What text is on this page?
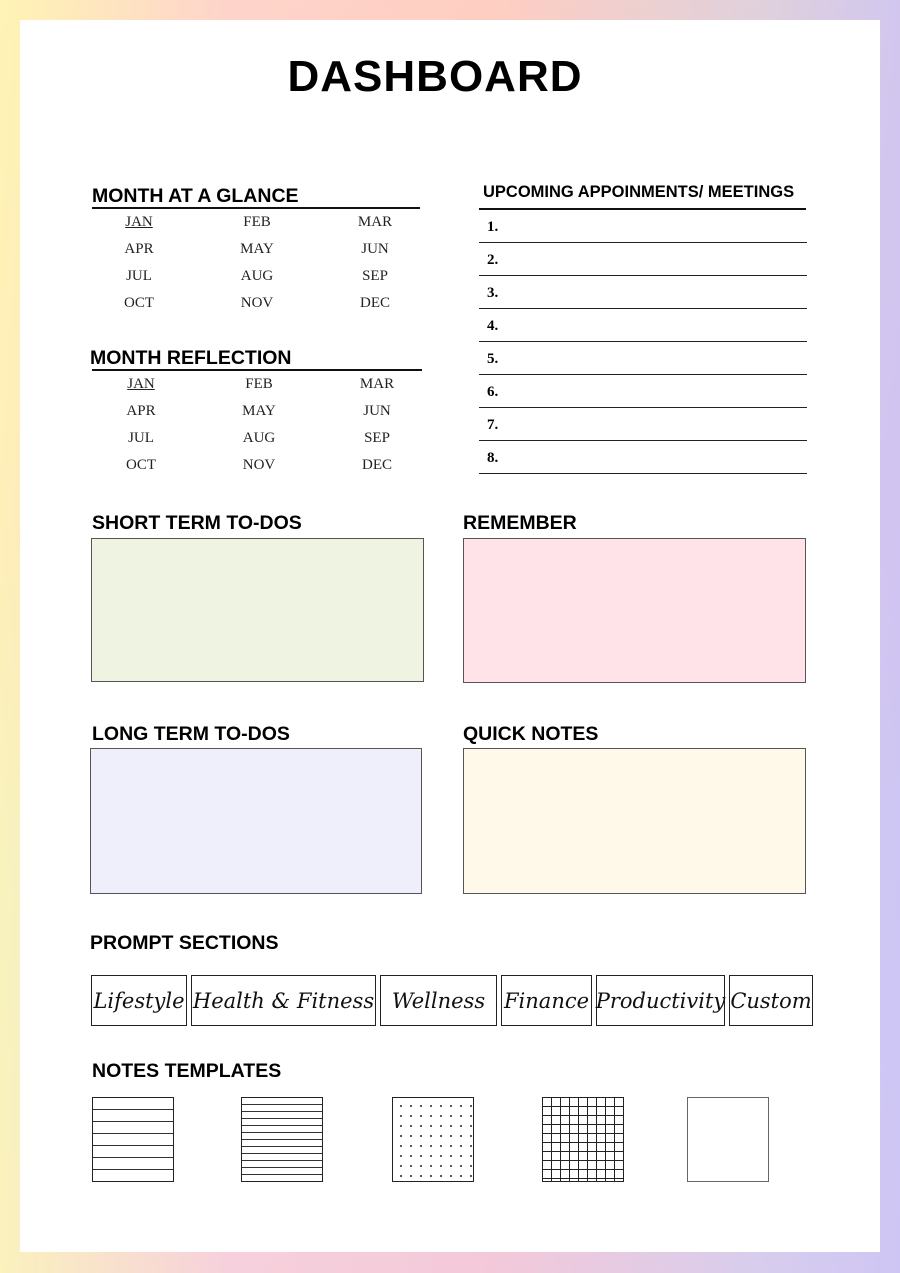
DASHBOARD
MONTH AT A GLANCE
JAN	FEB	MAR
APR	MAY	JUN
JUL	AUG	SEP
OCT	NOV	DEC
MONTH REFLECTION
JAN	FEB	MAR
APR	MAY	JUN
JUL	AUG	SEP
OCT	NOV	DEC
UPCOMING APPOINMENTS/ MEETINGS
1.
2.
3.
4.
5.
6.
7.
8.
SHORT TERM TO-DOS	REMEMBER
LONG TERM TO-DOS	QUICK NOTES
PROMPT SECTIONS
Lifestyle Health & Fitness Wellness Finance Productivity Custom
NOTES TEMPLATES
